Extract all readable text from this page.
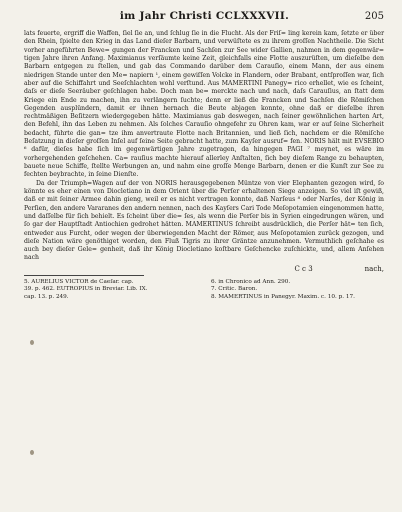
im Jahr Christi CCLXXXVII.	205

lats feuerte, ergriff die Waffen, ſiel ſie an, und ſchlug ſie in die Flucht. Als der Friſ= ling kerein kam, ſetzte er über den Rhein, ſpielte den Krieg in das Land dieſer Barbarn, und verwüſtete es zu ihrem groſſen Nachtheile. Die Sicht vorher angeführten Bewe= gungen der Francken und Sachſen zur See wider Gallien, nahmen in dem gegenwär= tigen Jahre ihren Anfang. Maximianus verſäumte keine Zeit, gleichfalls eine Flotte auszurüſten, um dieſelbe den Barbarn entgegen zu ſtellen, und gab das Commando darüber dem Carauſio, einem Mann, der aus einem niedrigen Stande unter den Me= napiern ¹, einem gewiſſen Volcke in Flandern, oder Brabant, entſproſſen war, ſich aber auf die Schiffahrt und Seeſchlachten wohl verſtund. Aus MAMERTINI Panegy= rico erhellet, wie es ſcheint, daſs er dieſe Seeräuber geſchlagen habe. Doch man be= merckte nach und nach, daſs Carauſius, an ſtatt dem Kriege ein Ende zu machen, ihn zu verlängern ſuchte; denn er ließ die Francken und Sachſen die Römiſchen Gegenden ausplündern, damit er ihnen hernach die Beute abjagen konnte, ohne daß er dieſelbe ihren rechtmäßigen Beſitzern wiedergegeben hätte. Maximianus gab deswegen, nach ſeiner gewöhnlichen harten Art, den Befehl, ihn das Leben zu nehmen. Als ſolches Carauſio ohngefehr zu Ohren kam, war er auf ſeine Sicherheit bedacht, führte die gan= tze ihm anvertraute Flotte nach Britannien, und ließ ſich, nachdem er die Römiſche Beſatzung in dieſer groſſen Inſel auf ſeine Seite gebracht hatte, zum Kayſer ausruf= fen. NORIS hält mit EVSEBIO ⁶ dafür, dieſes habe ſich im gegenwärtigen Jahre zugetragen, da hingegen PAGI ⁷ meynet, es wäre im vorhergehenden geſchehen. Ca= rauſius machte hierauf allerley Anſtalten, ſich bey dieſem Range zu behaupten, bauete neue Schiffe, ſtellte Werbungen an, und nahm eine groſſe Menge Barbarn, denen er die Kunſt zur See zu fechten beybrachte, in ſeine Dienſte.

Da der Triumph=Wagen auf der von NORIS herausgegebenen Müntze von vier Elephanten gezogen wird, ſo könnte es eher einen von Diocletiano in dem Orient über die Perſer erhaltenen Siege anzeigen. So viel iſt gewiß, daß er mit ſeiner Armee dahin gieng, weil er es nicht vertragen konnte, daß Narſeus ⁸ oder Narſes, der König in Perſien, den andere Vararanes den andern nennen, nach des Kayſers Cari Tode Meſopotamien eingenommen hatte, und daſſelbe für ſich behielt. Es ſcheint über die= ſes, als wenn die Perſer bis in Syrien eingedrungen wären, und ſo gar der Hauptſtadt Antiochien gedrohet hätten. MAMERTINUS ſchreibt ausdrücklich, die Perſer hät= ten ſich, entweder aus Furcht, oder wegen der überwiegenden Macht der Römer, aus Meſopotamien zurück gezogen, und dieſe Nation wäre genöthiget worden, den Fluß Tigris zu ihrer Gräntze anzunehmen. Vermuthlich geſchahe es auch bey dieſer Gele= genheit, daß ihr König Diocletiano koſtbare Geſchencke zuſchickte, und, allem Anſehen nach

C c 3	nach,
5. AURELIUS VICTOR de Caeſar. cap.
39. p. 462. EUTROPIUS in Breviar. Lib. IX.
cap. 13. p. 249.
6. in Chronico ad Ann. 290.
7. Critic. Baron.
8. MAMERTINUS in Panegyr. Maxim. c. 10. p. 17.
